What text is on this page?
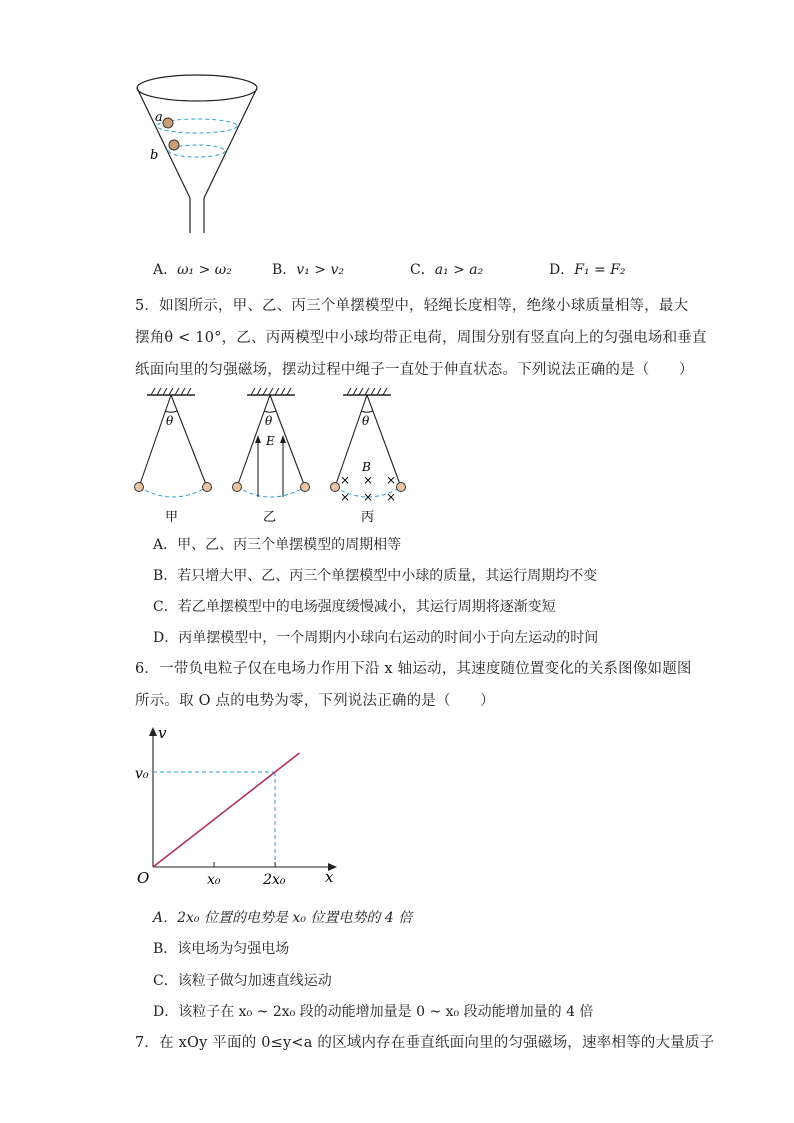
a
b
A．ω₁ > ω₂	B．v₁ > v₂	C．a₁ > a₂	D．F₁ = F₂
5．如图所示，甲、乙、丙三个单摆模型中，轻绳长度相等，绝缘小球质量相等，最大
摆角θ < 10°，乙、丙两模型中小球均带正电荷，周围分别有竖直向上的匀强电场和垂直
纸面向里的匀强磁场，摆动过程中绳子一直处于伸直状态。下列说法正确的是（　　）
θ	θ
E
θ
B
× × ×
× × ×
甲	乙	丙
A．甲、乙、丙三个单摆模型的周期相等
B．若只增大甲、乙、丙三个单摆模型中小球的质量，其运行周期均不变
C．若乙单摆模型中的电场强度缓慢减小，其运行周期将逐渐变短
D．丙单摆模型中，一个周期内小球向右运动的时间小于向左运动的时间
6．一带负电粒子仅在电场力作用下沿 x 轴运动，其速度随位置变化的关系图像如题图
所示。取 O 点的电势为零，下列说法正确的是（　　）
v
x
O	x₀	2x₀
v₀
A．2x₀ 位置的电势是 x₀ 位置电势的 4 倍
B．该电场为匀强电场
C．该粒子做匀加速直线运动
D．该粒子在 x₀ ~ 2x₀ 段的动能增加量是 0 ~ x₀ 段动能增加量的 4 倍
7．在 xOy 平面的 0≤y<a 的区域内存在垂直纸面向里的匀强磁场，速率相等的大量质子
